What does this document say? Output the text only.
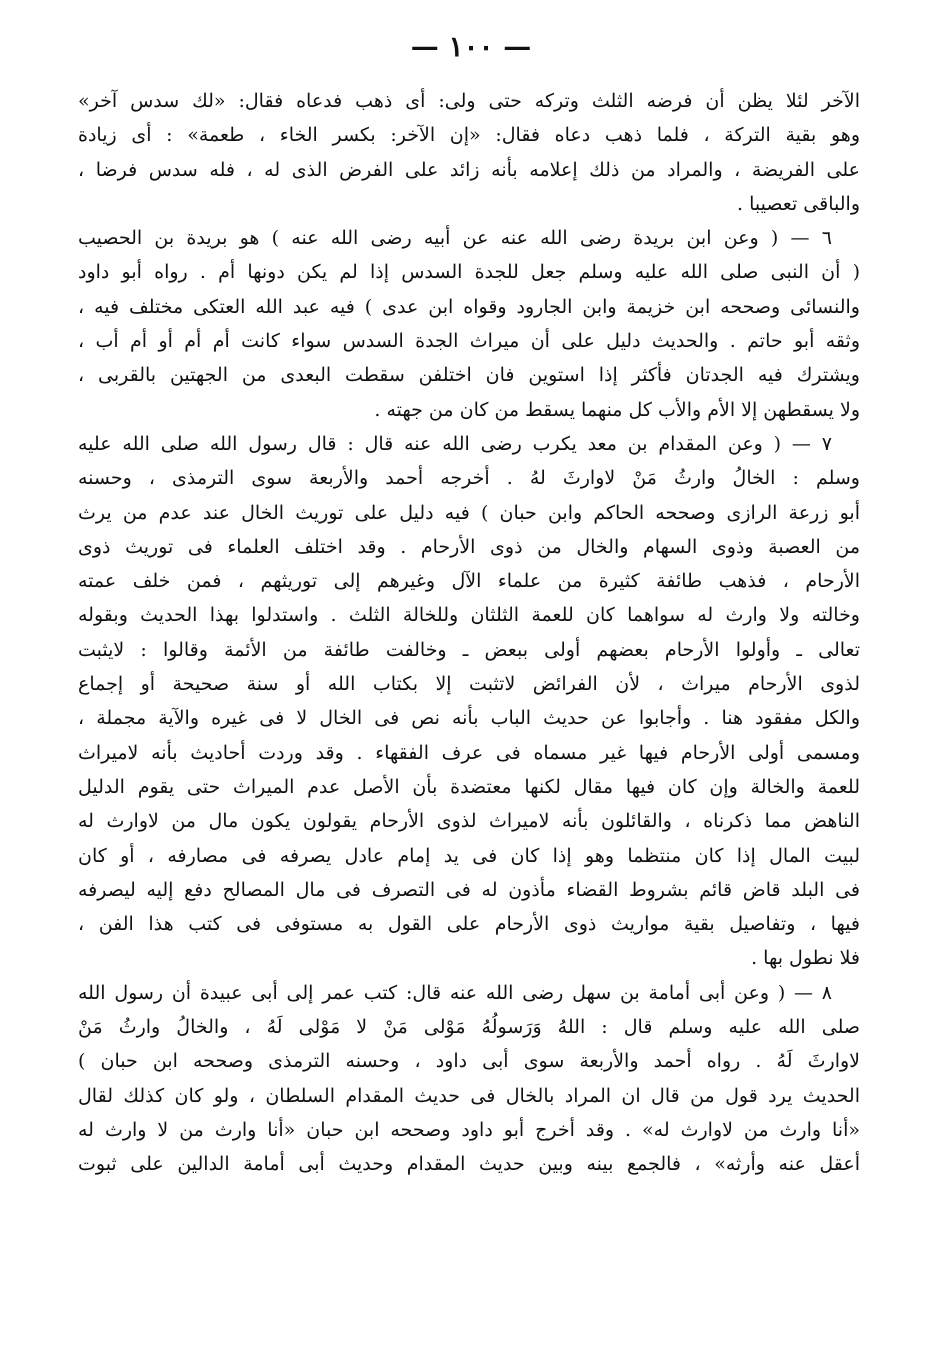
— ١٠٠ —
الآخر لئلا يظن أن فرضه الثلث وتركه حتى ولى: أى ذهب فدعاه فقال: «لك سدس آخر»
وهو بقية التركة ، فلما ذهب دعاه فقال: «إن الآخر: بكسر الخاء ، طعمة» : أى زيادة
على الفريضة ، والمراد من ذلك إعلامه بأنه زائد على الفرض الذى له ، فله سدس فرضا ،
والباقى تعصيبا .
٦ — ( وعن ابن بريدة رضى الله عنه عن أبيه رضى الله عنه ) هو بريدة بن الحصيب
( أن النبى صلى الله عليه وسلم جعل للجدة السدس إذا لم يكن دونها أم . رواه أبو داود
والنسائى وصححه ابن خزيمة وابن الجارود وقواه ابن عدى ) فيه عبد الله العتكى مختلف فيه ،
وثقه أبو حاتم . والحديث دليل على أن ميراث الجدة السدس سواء كانت أم أم أو أم أب ،
ويشترك فيه الجدتان فأكثر إذا استوين فان اختلفن سقطت البعدى من الجهتين بالقربى ،
ولا يسقطهن إلا الأم والأب كل منهما يسقط من كان من جهته .
٧ — ( وعن المقدام بن معد يكرب رضى الله عنه قال : قال رسول الله صلى الله عليه
وسلم : الخالُ وارثُ مَنْ لاوارثَ لهُ . أخرجه أحمد والأربعة سوى الترمذى ، وحسنه
أبو زرعة الرازى وصححه الحاكم وابن حبان ) فيه دليل على توريث الخال عند عدم من يرث
من العصبة وذوى السهام والخال من ذوى الأرحام . وقد اختلف العلماء فى توريث ذوى
الأرحام ، فذهب طائفة كثيرة من علماء الآل وغيرهم إلى توريثهم ، فمن خلف عمته
وخالته ولا وارث له سواهما كان للعمة الثلثان وللخالة الثلث . واستدلوا بهذا الحديث وبقوله
تعالى ـ وأولوا الأرحام بعضهم أولى ببعض ـ وخالفت طائفة من الأئمة وقالوا : لايثبت
لذوى الأرحام ميراث ، لأن الفرائض لاتثبت إلا بكتاب الله أو سنة صحيحة أو إجماع
والكل مفقود هنا . وأجابوا عن حديث الباب بأنه نص فى الخال لا فى غيره والآية مجملة ،
ومسمى أولى الأرحام فيها غير مسماه فى عرف الفقهاء . وقد وردت أحاديث بأنه لاميراث
للعمة والخالة وإن كان فيها مقال لكنها معتضدة بأن الأصل عدم الميراث حتى يقوم الدليل
الناهض مما ذكرناه ، والقائلون بأنه لاميراث لذوى الأرحام يقولون يكون مال من لاوارث له
لبيت المال إذا كان منتظما وهو إذا كان فى يد إمام عادل يصرفه فى مصارفه ، أو كان
فى البلد قاض قائم بشروط القضاء مأذون له فى التصرف فى مال المصالح دفع إليه ليصرفه
فيها ، وتفاصيل بقية مواريث ذوى الأرحام على القول به مستوفى فى كتب هذا الفن ،
فلا نطول بها .
٨ — ( وعن أبى أمامة بن سهل رضى الله عنه قال: كتب عمر إلى أبى عبيدة أن رسول الله
صلى الله عليه وسلم قال : اللهُ وَرَسولُهُ مَوْلى مَنْ لا مَوْلى لَهُ ، والخالُ وارثُ مَنْ
لاوارثَ لَهُ . رواه أحمد والأربعة سوى أبى داود ، وحسنه الترمذى وصححه ابن حبان )
الحديث يرد قول من قال ان المراد بالخال فى حديث المقدام السلطان ، ولو كان كذلك لقال
«أنا وارث من لاوارث له» . وقد أخرج أبو داود وصححه ابن حبان «أنا وارث من لا وارث له
أعقل عنه وأرثه» ، فالجمع بينه وبين حديث المقدام وحديث أبى أمامة الدالين على ثبوت
